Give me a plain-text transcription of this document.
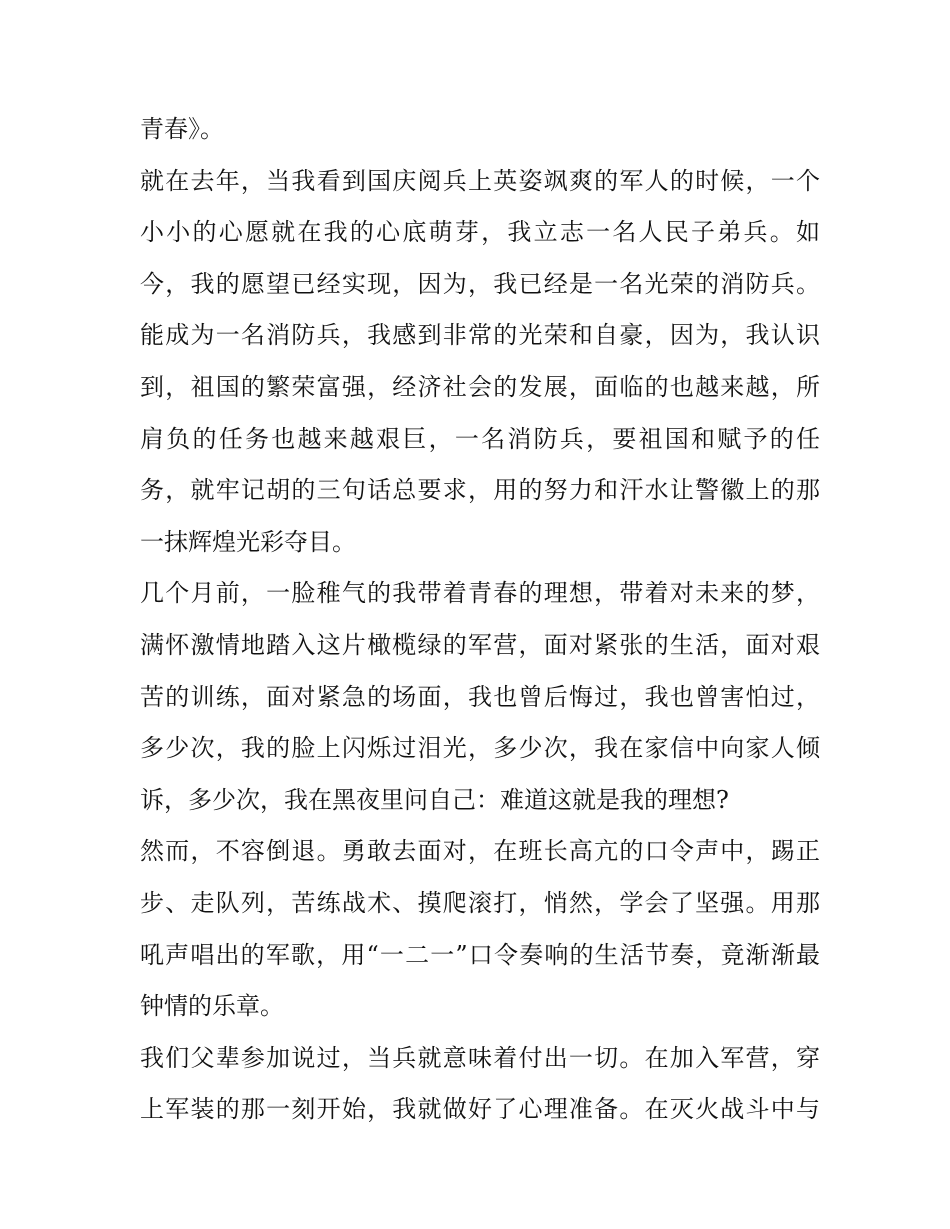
青春》。
就在去年，当我看到国庆阅兵上英姿飒爽的军人的时候，一个
小小的心愿就在我的心底萌芽，我立志一名人民子弟兵。如
今，我的愿望已经实现，因为，我已经是一名光荣的消防兵。
能成为一名消防兵，我感到非常的光荣和自豪，因为，我认识
到，祖国的繁荣富强，经济社会的发展，面临的也越来越，所
肩负的任务也越来越艰巨，一名消防兵，要祖国和赋予的任
务，就牢记胡的三句话总要求，用的努力和汗水让警徽上的那
一抹辉煌光彩夺目。
几个月前，一脸稚气的我带着青春的理想，带着对未来的梦，
满怀激情地踏入这片橄榄绿的军营，面对紧张的生活，面对艰
苦的训练，面对紧急的场面，我也曾后悔过，我也曾害怕过，
多少次，我的脸上闪烁过泪光，多少次，我在家信中向家人倾
诉，多少次，我在黑夜里问自己：难道这就是我的理想?
然而，不容倒退。勇敢去面对，在班长高亢的口令声中，踢正
步、走队列，苦练战术、摸爬滚打，悄然，学会了坚强。用那
吼声唱出的军歌，用“一二一”口令奏响的生活节奏，竟渐渐最
钟情的乐章。
我们父辈参加说过，当兵就意味着付出一切。在加入军营，穿
上军装的那一刻开始，我就做好了心理准备。在灭火战斗中与
